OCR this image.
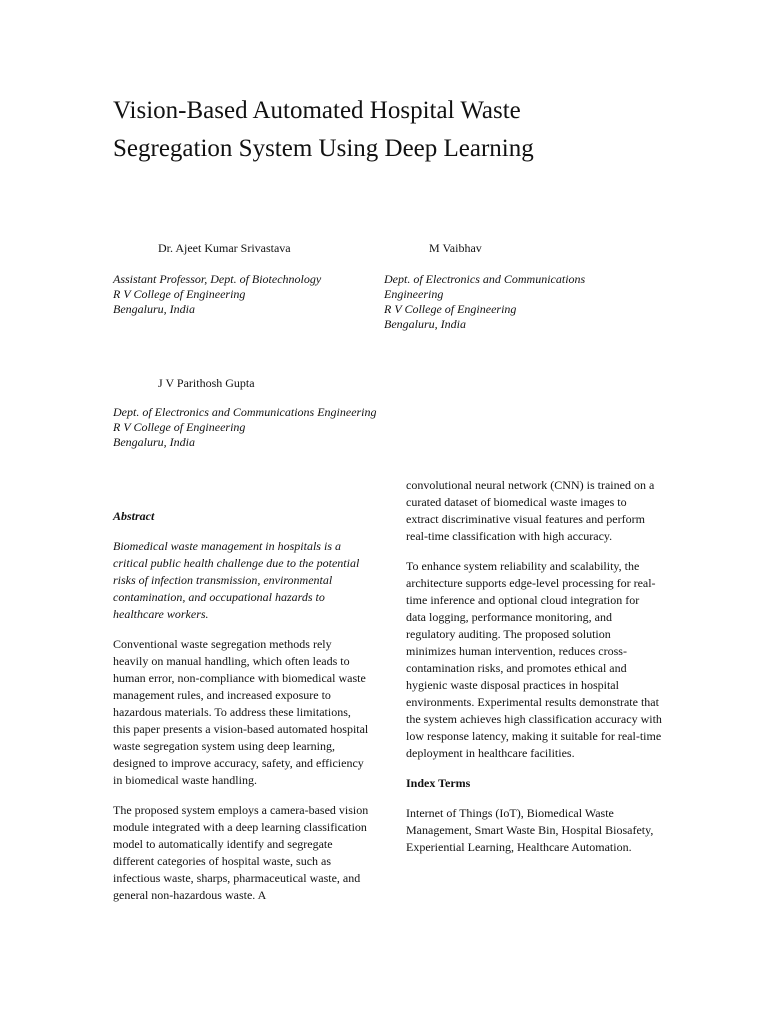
Vision-Based Automated Hospital Waste
Segregation System Using Deep Learning
Dr. Ajeet Kumar Srivastava
Assistant Professor, Dept. of Biotechnology
R V College of Engineering
Bengaluru, India
M Vaibhav
Dept. of Electronics and Communications
Engineering
R V College of Engineering
Bengaluru, India
J V Parithosh Gupta
Dept. of Electronics and Communications Engineering
R V College of Engineering
Bengaluru, India
Abstract

Biomedical waste management in hospitals is a critical public health challenge due to the potential risks of infection transmission, environmental contamination, and occupational hazards to healthcare workers.

Conventional waste segregation methods rely heavily on manual handling, which often leads to human error, non-compliance with biomedical waste management rules, and increased exposure to hazardous materials. To address these limitations, this paper presents a vision-based automated hospital waste segregation system using deep learning, designed to improve accuracy, safety, and efficiency in biomedical waste handling.

The proposed system employs a camera-based vision module integrated with a deep learning classification model to automatically identify and segregate different categories of hospital waste, such as infectious waste, sharps, pharmaceutical waste, and general non-hazardous waste. A

convolutional neural network (CNN) is trained on a curated dataset of biomedical waste images to extract discriminative visual features and perform real-time classification with high accuracy.

To enhance system reliability and scalability, the architecture supports edge-level processing for real-time inference and optional cloud integration for data logging, performance monitoring, and regulatory auditing. The proposed solution minimizes human intervention, reduces cross-contamination risks, and promotes ethical and hygienic waste disposal practices in hospital environments. Experimental results demonstrate that the system achieves high classification accuracy with low response latency, making it suitable for real-time deployment in healthcare facilities.

Index Terms

Internet of Things (IoT), Biomedical Waste Management, Smart Waste Bin, Hospital Biosafety, Experiential Learning, Healthcare Automation.
